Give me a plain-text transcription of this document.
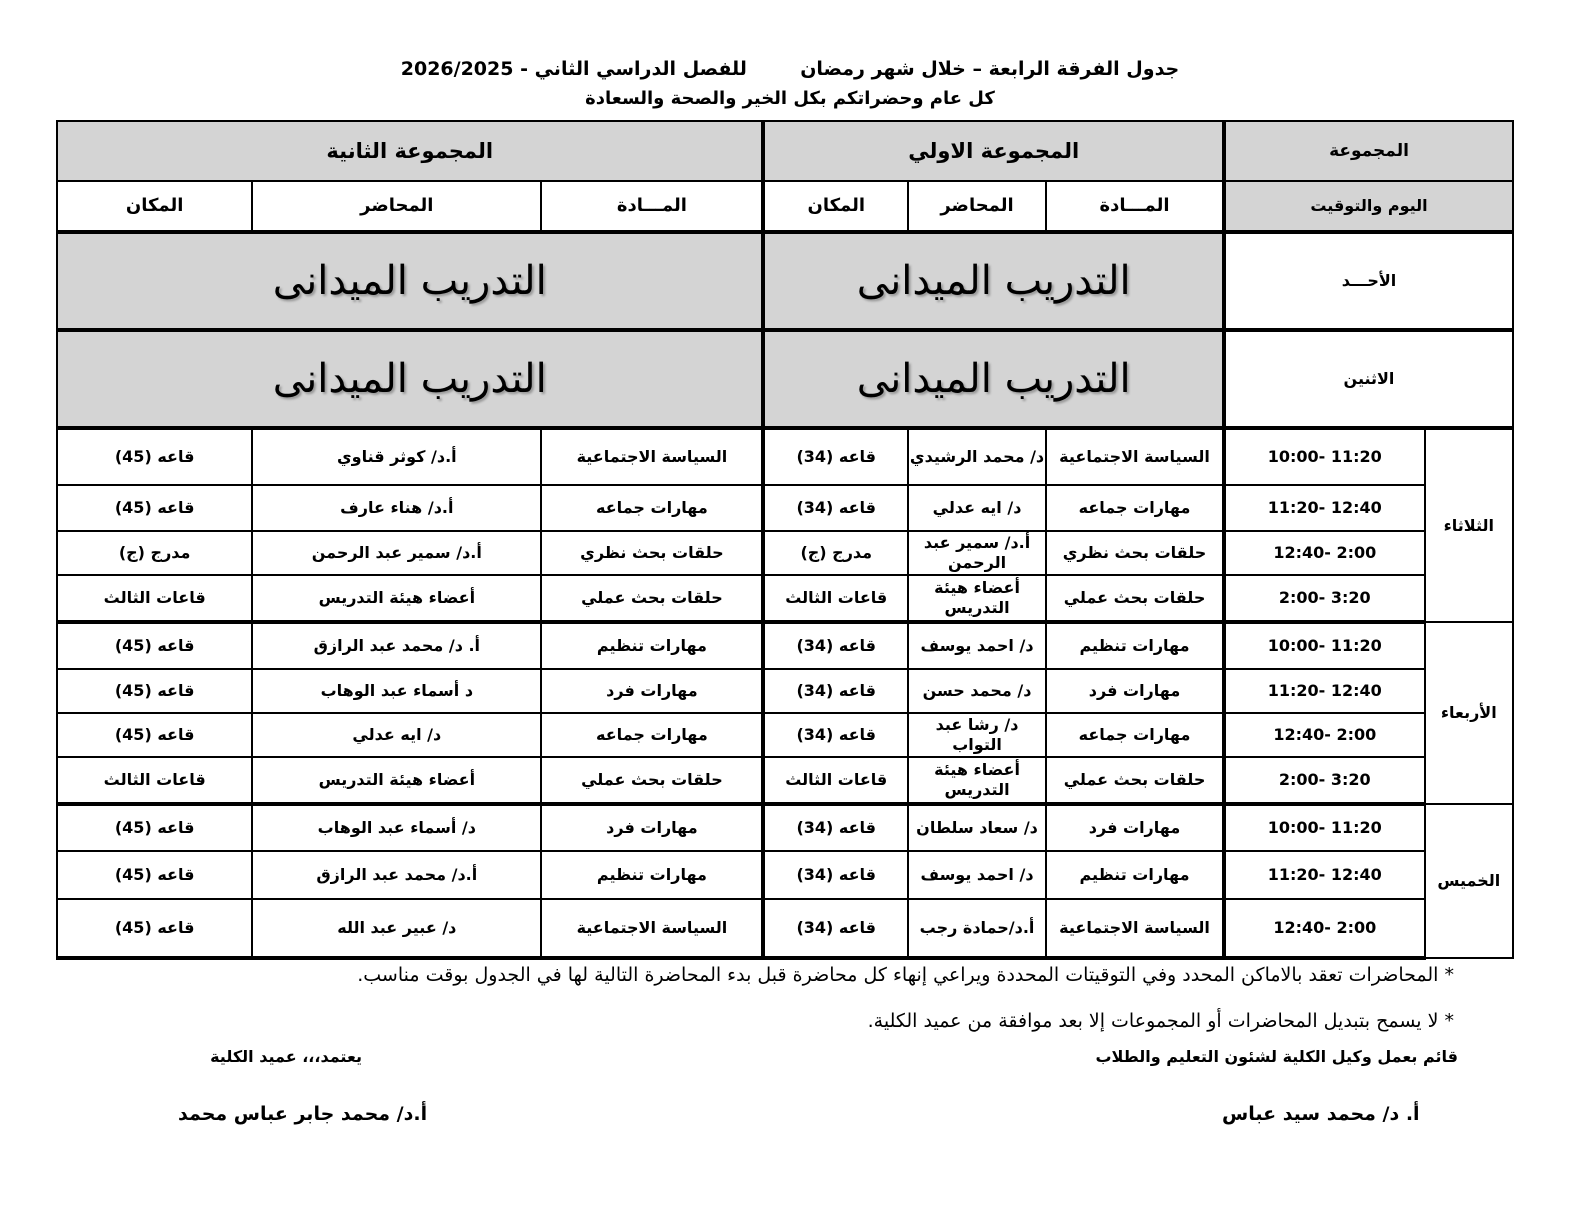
جدول الفرقة الرابعة – خلال شهر رمضان  للفصل الدراسي الثاني - 2026/2025
كل عام وحضراتكم بكل الخير والصحة والسعادة
المجموعة		المجموعة الاولي			المجموعة الثانية		
اليوم والتوقيت		المـــادة	المحاضر	المكان	المـــادة	المحاضر	المكان
الأحـــد		التدريب الميدانى			التدريب الميدانى		
الاثنين		التدريب الميدانى			التدريب الميدانى		
الثلاثاء	10:00- 11:20	السياسة الاجتماعية	د/ محمد الرشيدي	قاعه (34)	السياسة الاجتماعية	أ.د/ كوثر قناوي	قاعه (45)
	11:20- 12:40	مهارات جماعه	د/ ايه عدلي	قاعه (34)	مهارات جماعه	أ.د/ هناء عارف	قاعه (45)
	12:40- 2:00	حلقات بحث نظري	أ.د/ سمير عبد الرحمن	مدرج (ج)	حلقات بحث نظري	أ.د/ سمير عبد الرحمن	مدرج (ج)
	2:00- 3:20	حلقات بحث عملي	أعضاء هيئة التدريس	قاعات الثالث	حلقات بحث عملي	أعضاء هيئة التدريس	قاعات الثالث
الأربعاء	10:00- 11:20	مهارات تنظيم	د/ احمد يوسف	قاعه (34)	مهارات تنظيم	أ. د/ محمد عبد الرازق	قاعه (45)
	11:20- 12:40	مهارات فرد	د/ محمد حسن	قاعه (34)	مهارات فرد	د أسماء عبد الوهاب	قاعه (45)
	12:40- 2:00	مهارات جماعه	د/ رشا عبد التواب	قاعه (34)	مهارات جماعه	د/ ايه عدلي	قاعه (45)
	2:00- 3:20	حلقات بحث عملي	أعضاء هيئة التدريس	قاعات الثالث	حلقات بحث عملي	أعضاء هيئة التدريس	قاعات الثالث
الخميس	10:00- 11:20	مهارات فرد	د/ سعاد سلطان	قاعه (34)	مهارات فرد	د/ أسماء عبد الوهاب	قاعه (45)
	11:20- 12:40	مهارات تنظيم	د/ احمد يوسف	قاعه (34)	مهارات تنظيم	أ.د/ محمد عبد الرازق	قاعه (45)
	12:40- 2:00	السياسة الاجتماعية	أ.د/حمادة رجب	قاعه (34)	السياسة الاجتماعية	د/ عبير عبد الله	قاعه (45)
* المحاضرات تعقد بالاماكن المحدد وفي التوقيتات المحددة ويراعي إنهاء كل محاضرة قبل بدء المحاضرة التالية لها في الجدول بوقت مناسب.
* لا يسمح بتبديل المحاضرات أو المجموعات إلا بعد موافقة من عميد الكلية.
قائم بعمل وكيل الكلية لشئون التعليم والطلاب
يعتمد،،، عميد الكلية
أ. د/ محمد سيد عباس
أ.د/ محمد جابر عباس محمد
